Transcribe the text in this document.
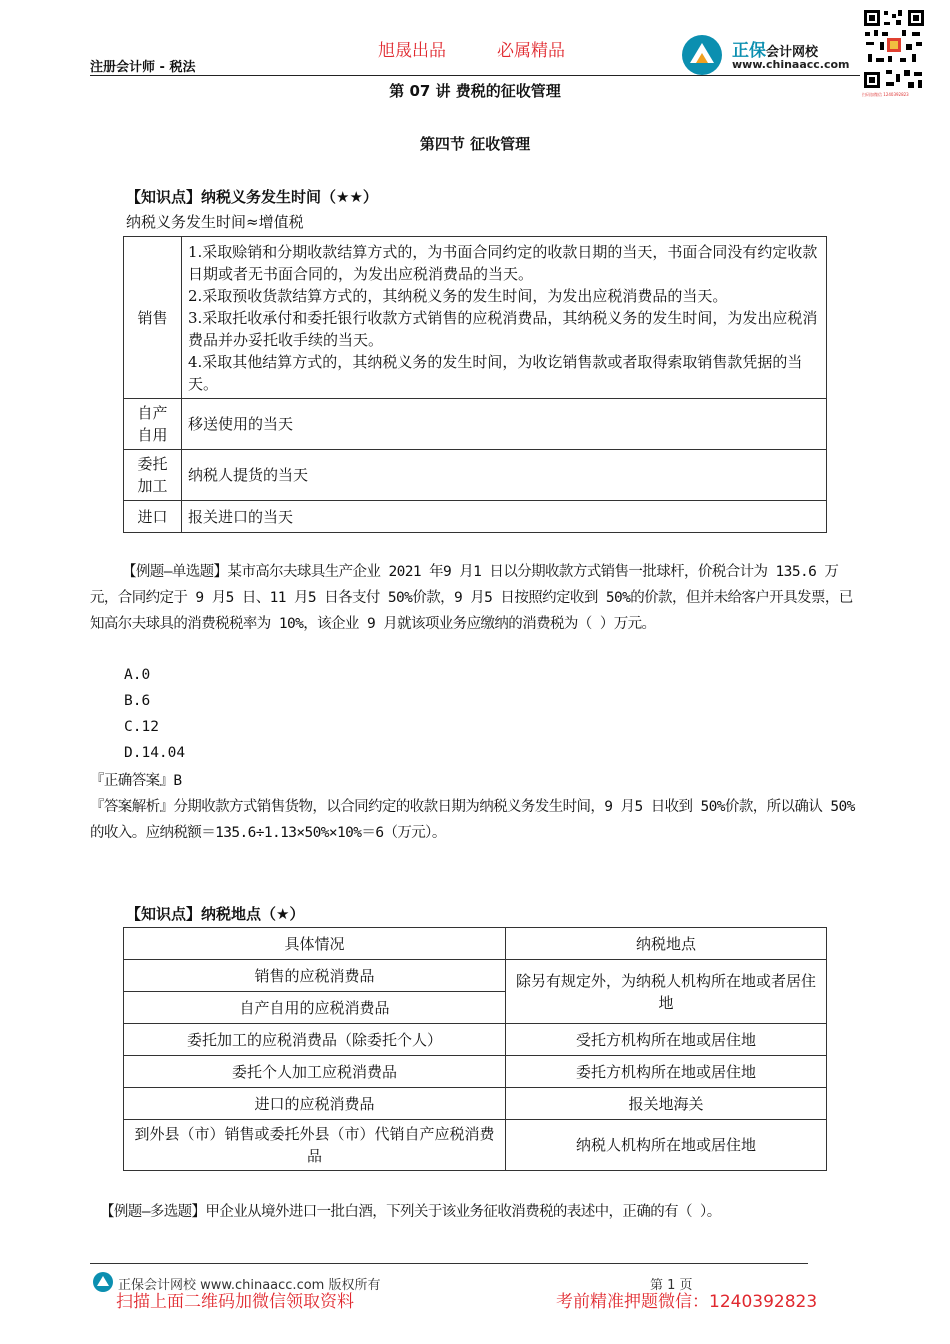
注册会计师 - 税法
旭晟出品	必属精品	正保会计网校
www.chinaacc.com
扫码加微信 1240392823
第 07 讲 费税的征收管理
第四节 征收管理
【知识点】纳税义务发生时间（★★）
纳税义务发生时间≈增值税
销售	1.采取赊销和分期收款结算方式的，为书面合同约定的收款日期的当天，书面合同没有约定收款日期或者无书面合同的，为发出应税消费品的当天。
2.采取预收货款结算方式的，其纳税义务的发生时间，为发出应税消费品的当天。
3.采取托收承付和委托银行收款方式销售的应税消费品，其纳税义务的发生时间，为发出应税消费品并办妥托收手续的当天。
4.采取其他结算方式的，其纳税义务的发生时间，为收讫销售款或者取得索取销售款凭据的当天。

自产自用	移送使用的当天

委托加工	纳税人提货的当天
进口	报关进口的当天
【例题—单选题】某市高尔夫球具生产企业 2021 年9 月1 日以分期收款方式销售一批球杆，价税合计为 135.6 万元，合同约定于 9 月5 日、11 月5 日各支付 50%价款，9 月5 日按照约定收到 50%的价款，但并未给客户开具发票，已知高尔夫球具的消费税税率为 10%，该企业 9 月就该项业务应缴纳的消费税为（ ）万元。
A.0
B.6
C.12
D.14.04
『正确答案』B
『答案解析』分期收款方式销售货物，以合同约定的收款日期为纳税义务发生时间，9 月5 日收到 50%价款，所以确认 50%的收入。应纳税额＝135.6÷1.13×50%×10%＝6（万元）。
【知识点】纳税地点（★）
具体情况	纳税地点
销售的应税消费品	除另有规定外，为纳税人机构所在地或者居住地
自产自用的应税消费品	
委托加工的应税消费品（除委托个人）	受托方机构所在地或居住地
委托个人加工应税消费品	委托方机构所在地或居住地
进口的应税消费品	报关地海关
到外县（市）销售或委托外县（市）代销自产应税消费品	纳税人机构所在地或居住地
【例题—多选题】甲企业从境外进口一批白酒，下列关于该业务征收消费税的表述中，正确的有（ ）。
正保会计网校 www.chinaacc.com 版权所有	第 1 页
扫描上面二维码加微信领取资料	考前精准押题微信：1240392823
